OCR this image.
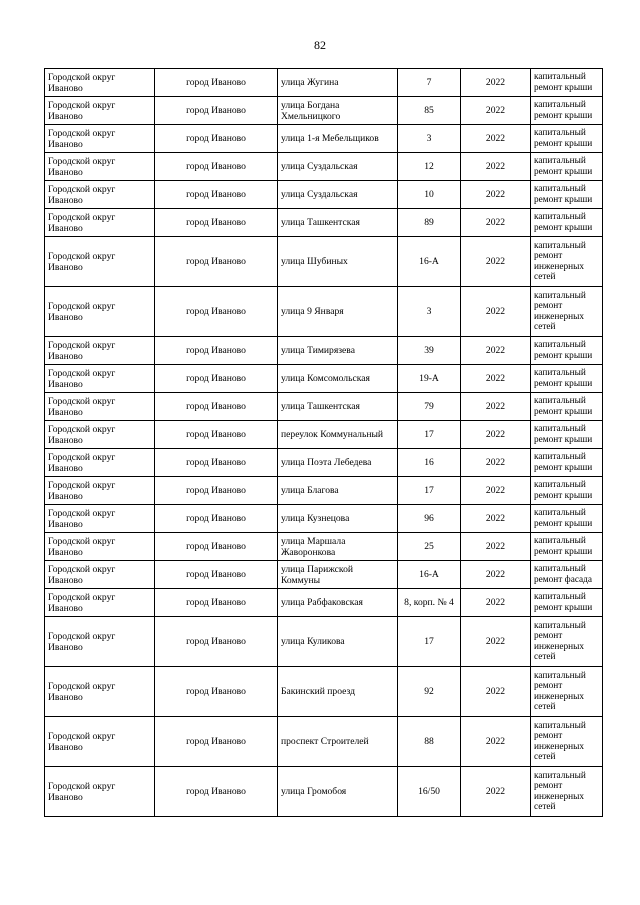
82
Городской округ Иваново	город Иваново	улица Жугина	7	2022	капитальный ремонт крыши
Городской округ Иваново	город Иваново	улица Богдана Хмельницкого	85	2022	капитальный ремонт крыши
Городской округ Иваново	город Иваново	улица 1-я Мебельщиков	3	2022	капитальный ремонт крыши
Городской округ Иваново	город Иваново	улица Суздальская	12	2022	капитальный ремонт крыши
Городской округ Иваново	город Иваново	улица Суздальская	10	2022	капитальный ремонт крыши
Городской округ Иваново	город Иваново	улица Ташкентская	89	2022	капитальный ремонт крыши
Городской округ Иваново	город Иваново	улица Шубиных	16-А	2022	капитальный ремонт инженерных сетей
Городской округ Иваново	город Иваново	улица 9 Января	3	2022	капитальный ремонт инженерных сетей
Городской округ Иваново	город Иваново	улица Тимирязева	39	2022	капитальный ремонт крыши
Городской округ Иваново	город Иваново	улица Комсомольская	19-А	2022	капитальный ремонт крыши
Городской округ Иваново	город Иваново	улица Ташкентская	79	2022	капитальный ремонт крыши
Городской округ Иваново	город Иваново	переулок Коммунальный	17	2022	капитальный ремонт крыши
Городской округ Иваново	город Иваново	улица Поэта Лебедева	16	2022	капитальный ремонт крыши
Городской округ Иваново	город Иваново	улица Благова	17	2022	капитальный ремонт крыши
Городской округ Иваново	город Иваново	улица Кузнецова	96	2022	капитальный ремонт крыши
Городской округ Иваново	город Иваново	улица Маршала Жаворонкова	25	2022	капитальный ремонт крыши
Городской округ Иваново	город Иваново	улица Парижской Коммуны	16-А	2022	капитальный ремонт фасада
Городской округ Иваново	город Иваново	улица Рабфаковская	8, корп. № 4	2022	капитальный ремонт крыши
Городской округ Иваново	город Иваново	улица Куликова	17	2022	капитальный ремонт инженерных сетей
Городской округ Иваново	город Иваново	Бакинский проезд	92	2022	капитальный ремонт инженерных сетей
Городской округ Иваново	город Иваново	проспект Строителей	88	2022	капитальный ремонт инженерных сетей
Городской округ Иваново	город Иваново	улица Громобоя	16/50	2022	капитальный ремонт инженерных сетей
